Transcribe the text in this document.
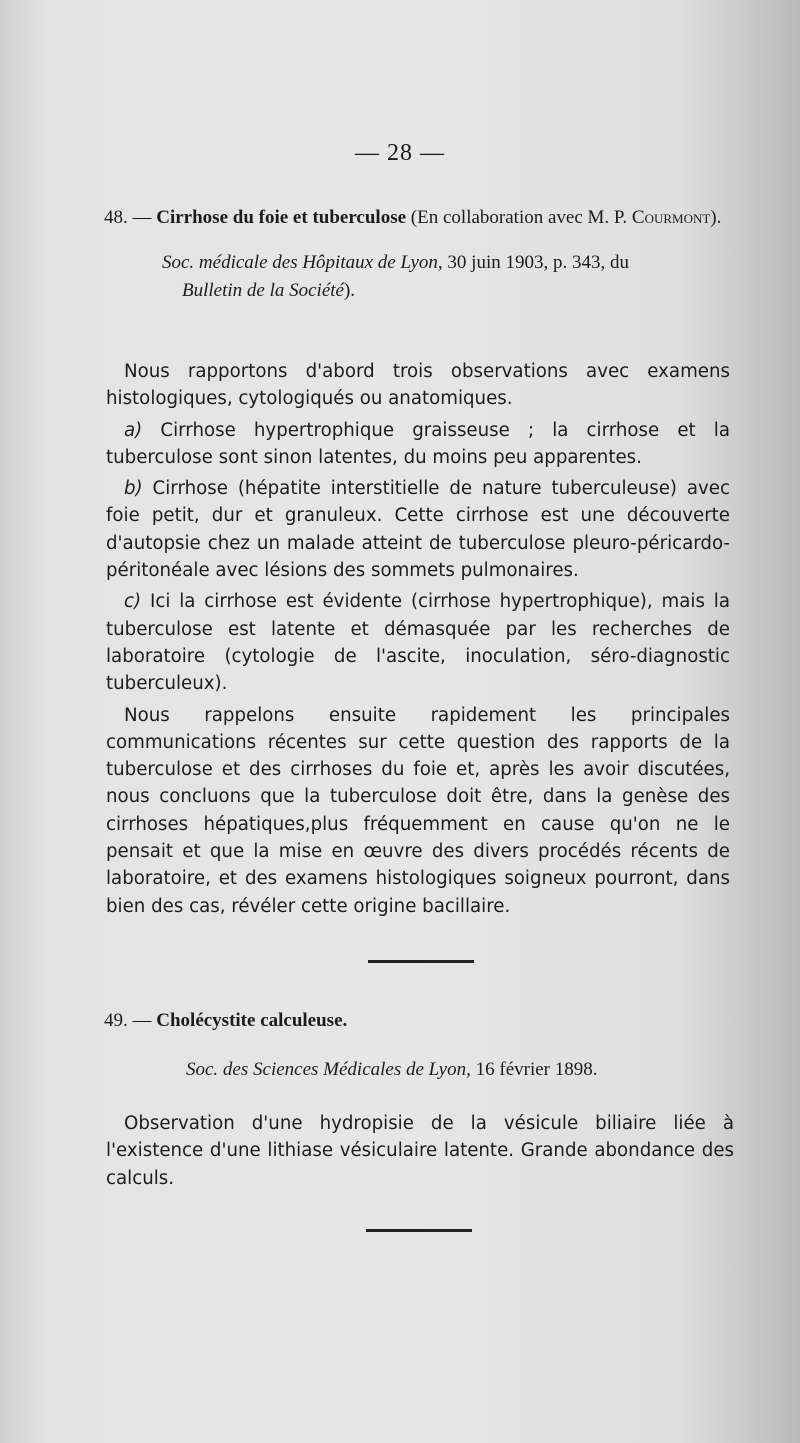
— 28 —
48. — Cirrhose du foie et tuberculose (En collaboration avec M. P. Courmont).
Soc. médicale des Hôpitaux de Lyon, 30 juin 1903, p. 343, du
Bulletin de la Société).

Nous rapportons d'abord trois observations avec examens histologiques, cytologiqués ou anatomiques.

a) Cirrhose hypertrophique graisseuse ; la cirrhose et la tuberculose sont sinon latentes, du moins peu apparentes.

b) Cirrhose (hépatite interstitielle de nature tuberculeuse) avec foie petit, dur et granuleux. Cette cirrhose est une découverte d'autopsie chez un malade atteint de tuberculose pleuro-péricardo-péritonéale avec lésions des sommets pulmonaires.

c) Ici la cirrhose est évidente (cirrhose hypertrophique), mais la tuberculose est latente et démasquée par les recherches de laboratoire (cytologie de l'ascite, inoculation, séro-diagnostic tuberculeux).

Nous rappelons ensuite rapidement les principales communications récentes sur cette question des rapports de la tuberculose et des cirrhoses du foie et, après les avoir discutées, nous concluons que la tuberculose doit être, dans la genèse des cirrhoses hépatiques,plus fréquemment en cause qu'on ne le pensait et que la mise en œuvre des divers procédés récents de laboratoire, et des examens histologiques soigneux pourront, dans bien des cas, révéler cette origine bacillaire.

49. — Cholécystite calculeuse.
Soc. des Sciences Médicales de Lyon, 16 février 1898.

Observation d'une hydropisie de la vésicule biliaire liée à l'existence d'une lithiase vésiculaire latente. Grande abondance des calculs.
